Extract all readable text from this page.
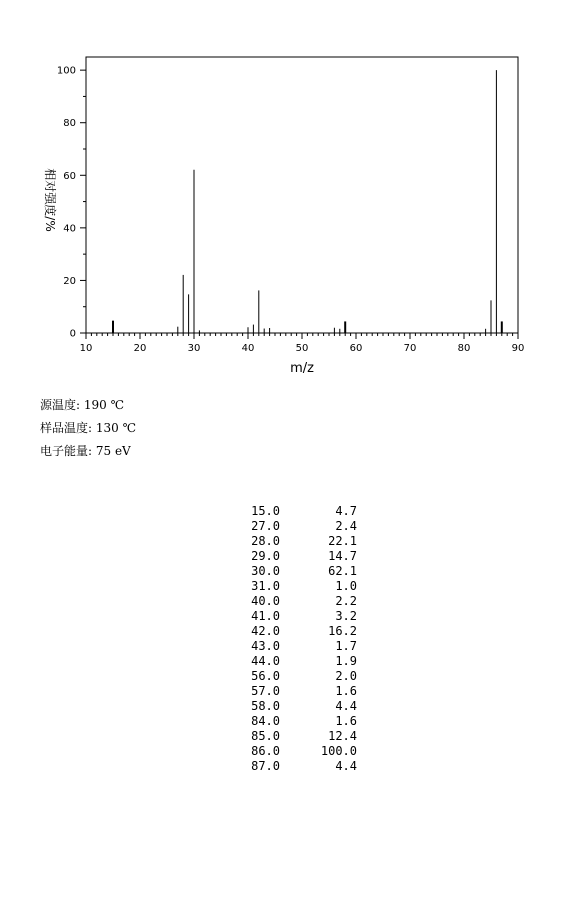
10	20	30	40	50	60	70	80	90
0
20
40
60
80
100
m/z
相对强度/%
源温度: 190 ℃
样品温度: 130 ℃
电子能量: 75 eV
15.0	4.7
27.0	2.4
28.0	22.1
29.0	14.7
30.0	62.1
31.0	1.0
40.0	2.2
41.0	3.2
42.0	16.2
43.0	1.7
44.0	1.9
56.0	2.0
57.0	1.6
58.0	4.4
84.0	1.6
85.0	12.4
86.0	100.0
87.0	4.4
